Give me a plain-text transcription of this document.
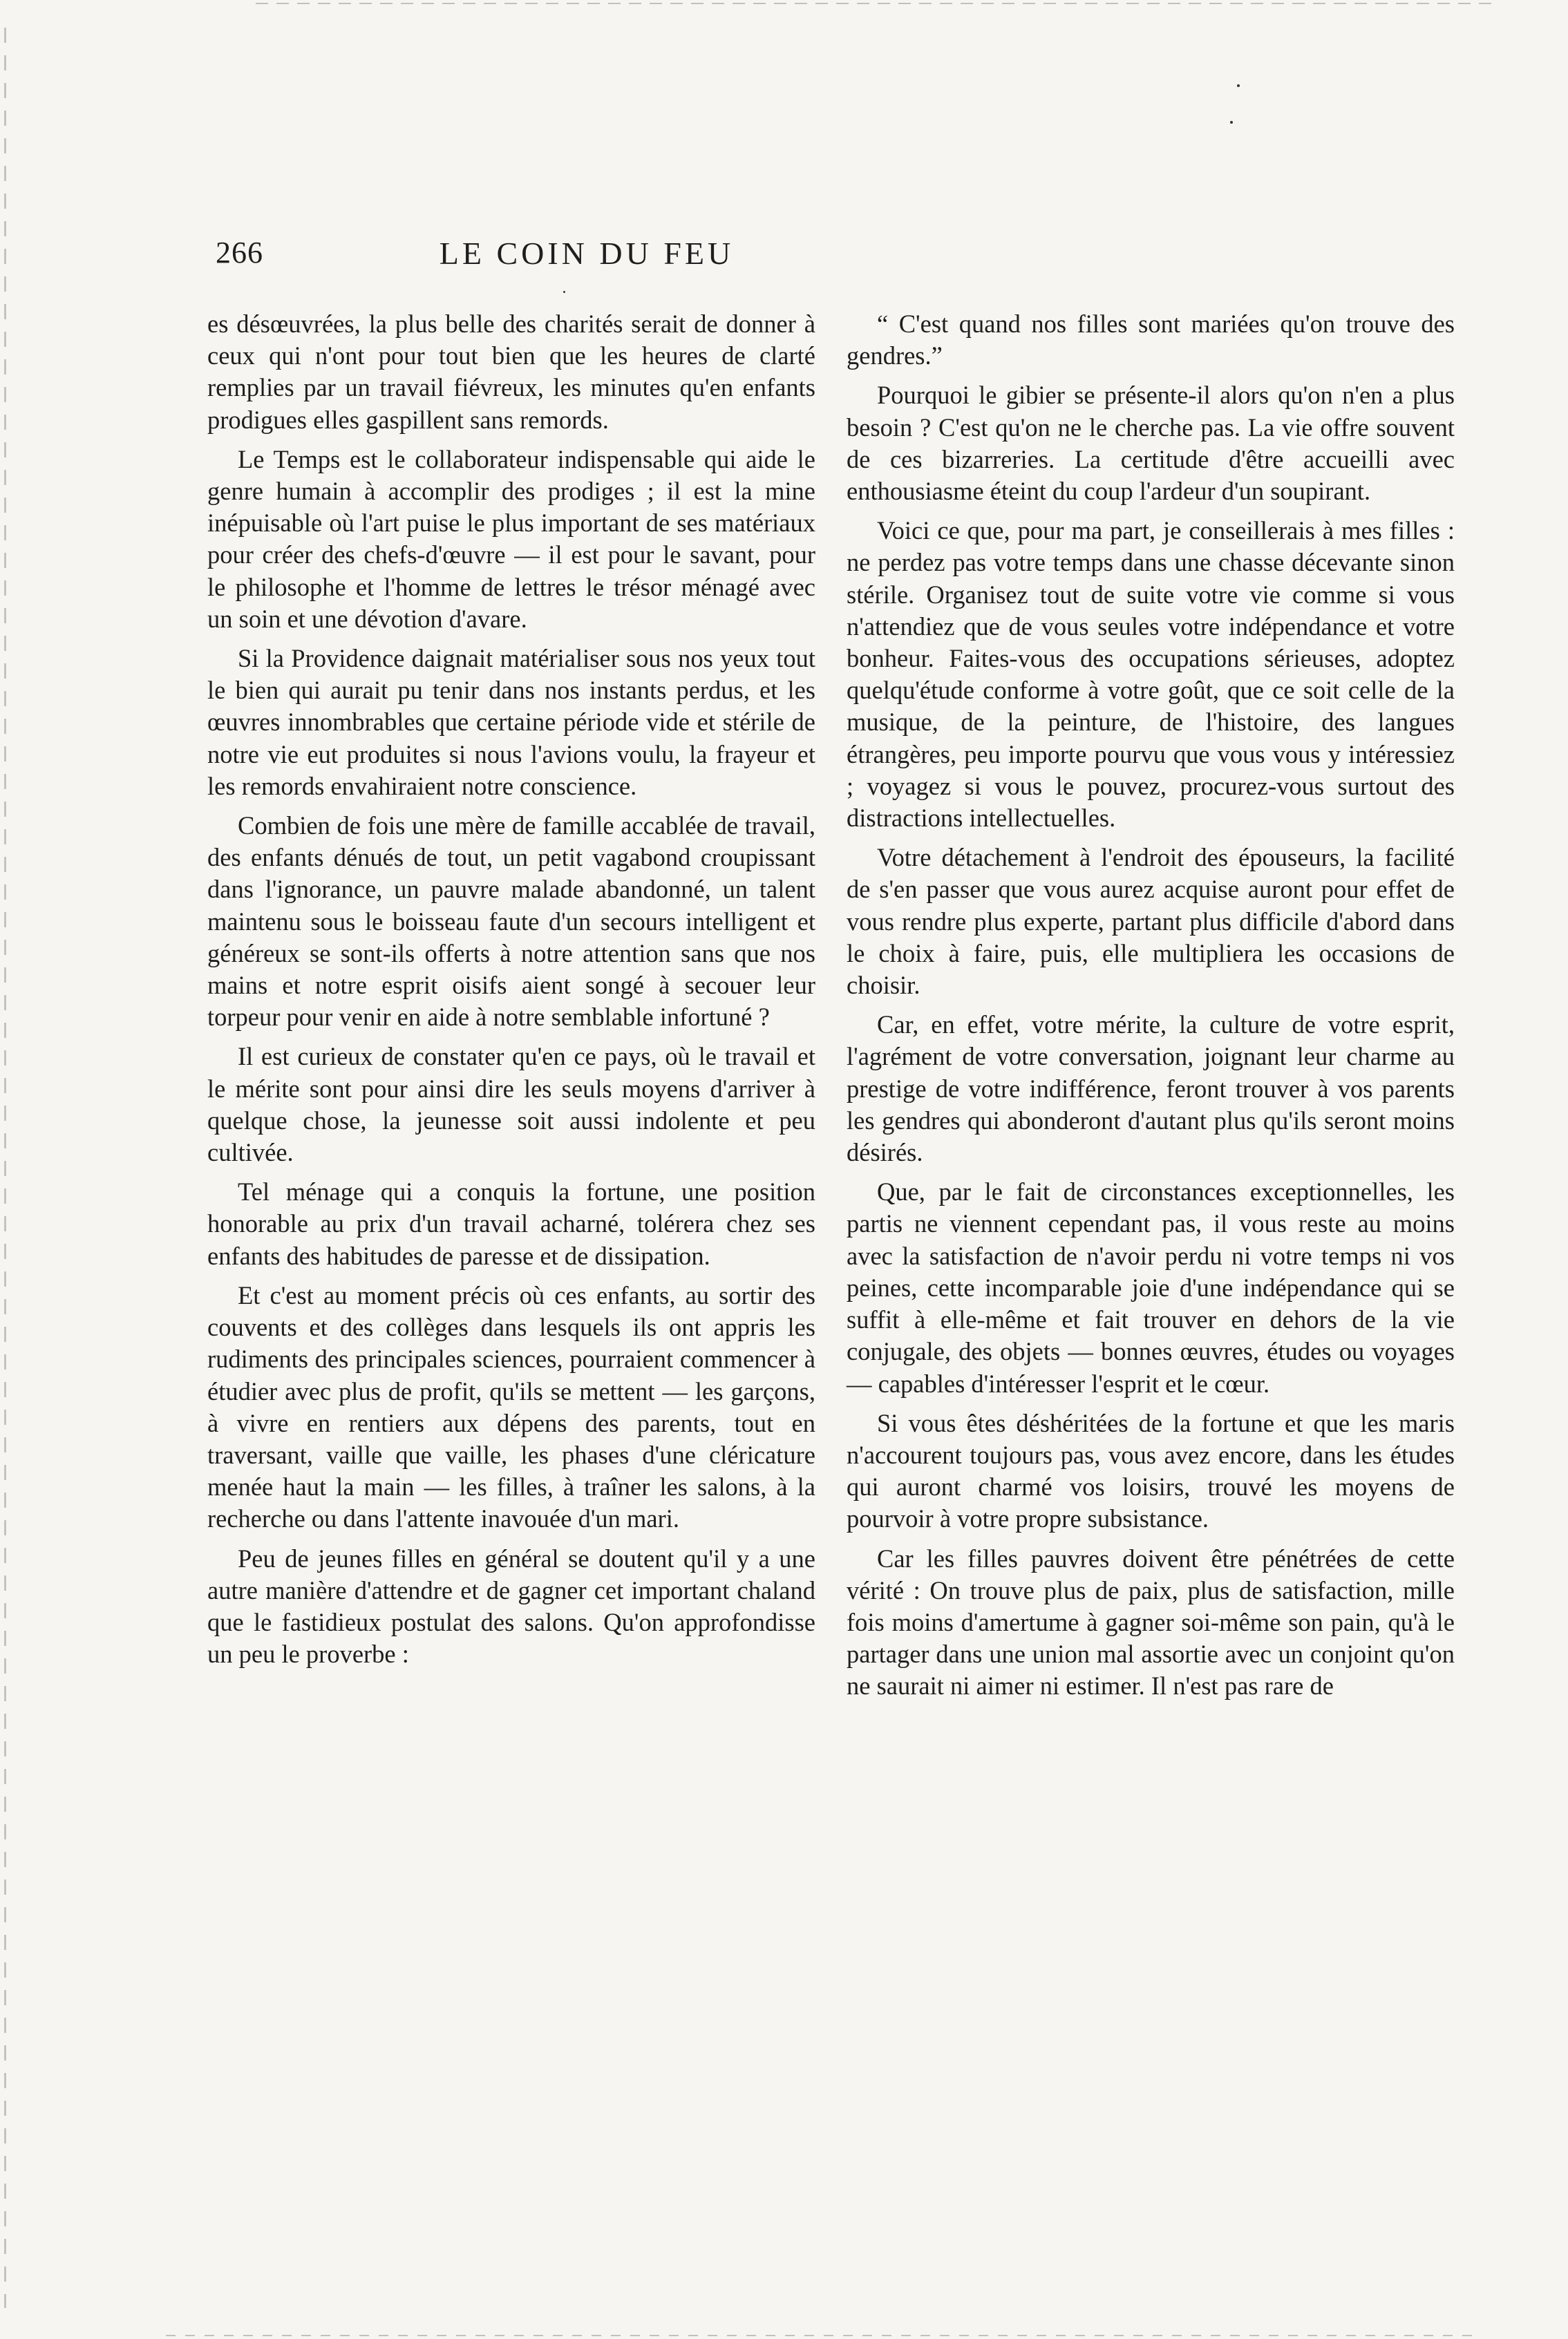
266	LE COIN DU FEU

es désœuvrées, la plus belle des charités serait de donner à ceux qui n'ont pour tout bien que les heures de clarté remplies par un travail fiévreux, les minutes qu'en enfants prodigues elles gaspillent sans remords.

Le Temps est le collaborateur indispensable qui aide le genre humain à accomplir des prodiges ; il est la mine inépuisable où l'art puise le plus important de ses matériaux pour créer des chefs-d'œuvre — il est pour le savant, pour le philosophe et l'homme de lettres le trésor ménagé avec un soin et une dévotion d'avare.

Si la Providence daignait matérialiser sous nos yeux tout le bien qui aurait pu tenir dans nos instants perdus, et les œuvres innombrables que certaine période vide et stérile de notre vie eut produites si nous l'avions voulu, la frayeur et les remords envahiraient notre conscience.

Combien de fois une mère de famille accablée de travail, des enfants dénués de tout, un petit vagabond croupissant dans l'ignorance, un pauvre malade abandonné, un talent maintenu sous le boisseau faute d'un secours intelligent et généreux se sont-ils offerts à notre attention sans que nos mains et notre esprit oisifs aient songé à secouer leur torpeur pour venir en aide à notre semblable infortuné ?

Il est curieux de constater qu'en ce pays, où le travail et le mérite sont pour ainsi dire les seuls moyens d'arriver à quelque chose, la jeunesse soit aussi indolente et peu cultivée.

Tel ménage qui a conquis la fortune, une position honorable au prix d'un travail acharné, tolérera chez ses enfants des habitudes de paresse et de dissipation.

Et c'est au moment précis où ces enfants, au sortir des couvents et des collèges dans lesquels ils ont appris les rudiments des principales sciences, pourraient commencer à étudier avec plus de profit, qu'ils se mettent — les garçons, à vivre en rentiers aux dépens des parents, tout en traversant, vaille que vaille, les phases d'une cléricature menée haut la main — les filles, à traîner les salons, à la recherche ou dans l'attente inavouée d'un mari.

Peu de jeunes filles en général se doutent qu'il y a une autre manière d'attendre et de gagner cet important chaland que le fastidieux postulat des salons. Qu'on approfondisse un peu le proverbe :

“ C'est quand nos filles sont mariées qu'on trouve des gendres.”

Pourquoi le gibier se présente-il alors qu'on n'en a plus besoin ? C'est qu'on ne le cherche pas. La vie offre souvent de ces bizarreries. La certitude d'être accueilli avec enthousiasme éteint du coup l'ardeur d'un soupirant.

Voici ce que, pour ma part, je conseillerais à mes filles : ne perdez pas votre temps dans une chasse décevante sinon stérile. Organisez tout de suite votre vie comme si vous n'attendiez que de vous seules votre indépendance et votre bonheur. Faites-vous des occupations sérieuses, adoptez quelqu'étude conforme à votre goût, que ce soit celle de la musique, de la peinture, de l'histoire, des langues étrangères, peu importe pourvu que vous vous y intéressiez ; voyagez si vous le pouvez, procurez-vous surtout des distractions intellectuelles.

Votre détachement à l'endroit des épouseurs, la facilité de s'en passer que vous aurez acquise auront pour effet de vous rendre plus experte, partant plus difficile d'abord dans le choix à faire, puis, elle multipliera les occasions de choisir.

Car, en effet, votre mérite, la culture de votre esprit, l'agrément de votre conversation, joignant leur charme au prestige de votre indifférence, feront trouver à vos parents les gendres qui abonderont d'autant plus qu'ils seront moins désirés.

Que, par le fait de circonstances exceptionnelles, les partis ne viennent cependant pas, il vous reste au moins avec la satisfaction de n'avoir perdu ni votre temps ni vos peines, cette incomparable joie d'une indépendance qui se suffit à elle-même et fait trouver en dehors de la vie conjugale, des objets — bonnes œuvres, études ou voyages — capables d'intéresser l'esprit et le cœur.

Si vous êtes déshéritées de la fortune et que les maris n'accourent toujours pas, vous avez encore, dans les études qui auront charmé vos loisirs, trouvé les moyens de pourvoir à votre propre subsistance.

Car les filles pauvres doivent être pénétrées de cette vérité : On trouve plus de paix, plus de satisfaction, mille fois moins d'amertume à gagner soi-même son pain, qu'à le partager dans une union mal assortie avec un conjoint qu'on ne saurait ni aimer ni estimer. Il n'est pas rare de
